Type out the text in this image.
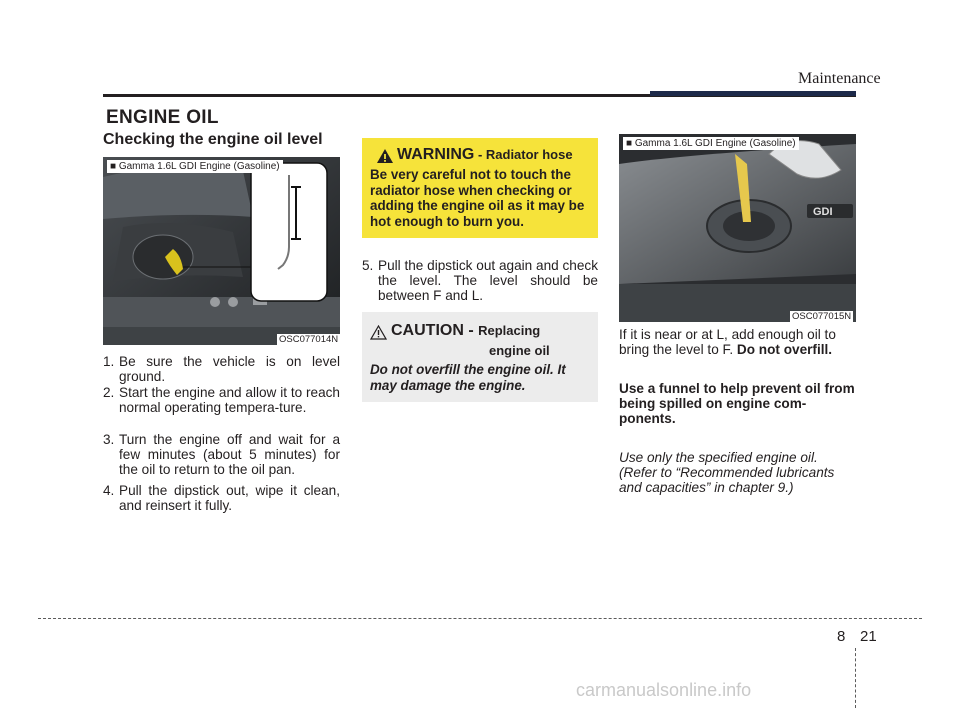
Maintenance
ENGINE OIL
Checking the engine oil level
■ Gamma 1.6L GDI Engine (Gasoline)
OSC077014N
1. Be sure the vehicle is on level ground.
2. Start the engine and allow it to reach normal operating tempera-ture.
3. Turn the engine off and wait for a few minutes (about 5 minutes) for the oil to return to the oil pan.
4. Pull the dipstick out, wipe it clean, and reinsert it fully.
WARNING - Radiator hose
Be very careful not to touch the radiator hose when checking or adding the engine oil as it may be hot enough to burn you.
5. Pull the dipstick out again and check the level. The level should be between F and L.
CAUTION - Replacing
engine oil
Do not overfill the engine oil. It may damage the engine.
GDI
■ Gamma 1.6L GDI Engine (Gasoline)
OSC077015N
If it is near or at L, add enough oil to bring the level to F. Do not overfill.
Use a funnel to help prevent oil from being spilled on engine com-ponents.
Use only the specified engine oil. (Refer to “Recommended lubricants and capacities” in chapter 9.)
8 21
carmanualsonline.info
